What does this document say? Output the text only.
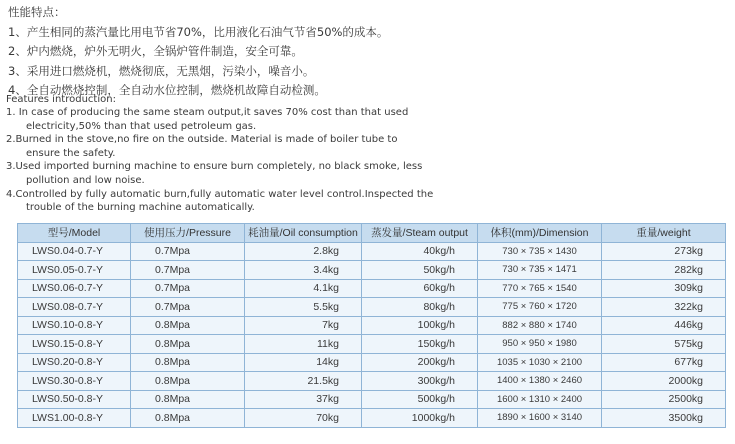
性能特点：
1、产生相同的蒸汽量比用电节省70%，比用液化石油气节省50%的成本。
2、炉内燃烧，炉外无明火，全锅炉管件制造，安全可靠。
3、采用进口燃烧机，燃烧彻底，无黑烟，污染小，噪音小。
4、全自动燃烧控制，全自动水位控制，燃烧机故障自动检测。
Features introduction:
1. In case of producing the same steam output,it saves 70% cost than that used
electricity,50% than that used petroleum gas.
2.Burned in the stove,no fire on the outside. Material is made of boiler tube to
ensure the safety.
3.Used imported burning machine to ensure burn completely, no black smoke, less
pollution and low noise.
4.Controlled by fully automatic burn,fully automatic water level control.Inspected the
trouble of the burning machine automatically.
型号/Model	使用压力/Pressure	耗油量/Oil consumption	蒸发量/Steam output	体积(mm)/Dimension	重量/weight
LWS0.04-0.7-Y	0.7Mpa	2.8kg	40kg/h	730 × 735 × 1430	273kg
LWS0.05-0.7-Y	0.7Mpa	3.4kg	50kg/h	730 × 735 × 1471	282kg
LWS0.06-0.7-Y	0.7Mpa	4.1kg	60kg/h	770 × 765 × 1540	309kg
LWS0.08-0.7-Y	0.7Mpa	5.5kg	80kg/h	775 × 760 × 1720	322kg
LWS0.10-0.8-Y	0.8Mpa	7kg	100kg/h	882 × 880 × 1740	446kg
LWS0.15-0.8-Y	0.8Mpa	11kg	150kg/h	950 × 950 × 1980	575kg
LWS0.20-0.8-Y	0.8Mpa	14kg	200kg/h	1035 × 1030 × 2100	677kg
LWS0.30-0.8-Y	0.8Mpa	21.5kg	300kg/h	1400 × 1380 × 2460	2000kg
LWS0.50-0.8-Y	0.8Mpa	37kg	500kg/h	1600 × 1310 × 2400	2500kg
LWS1.00-0.8-Y	0.8Mpa	70kg	1000kg/h	1890 × 1600 × 3140	3500kg
